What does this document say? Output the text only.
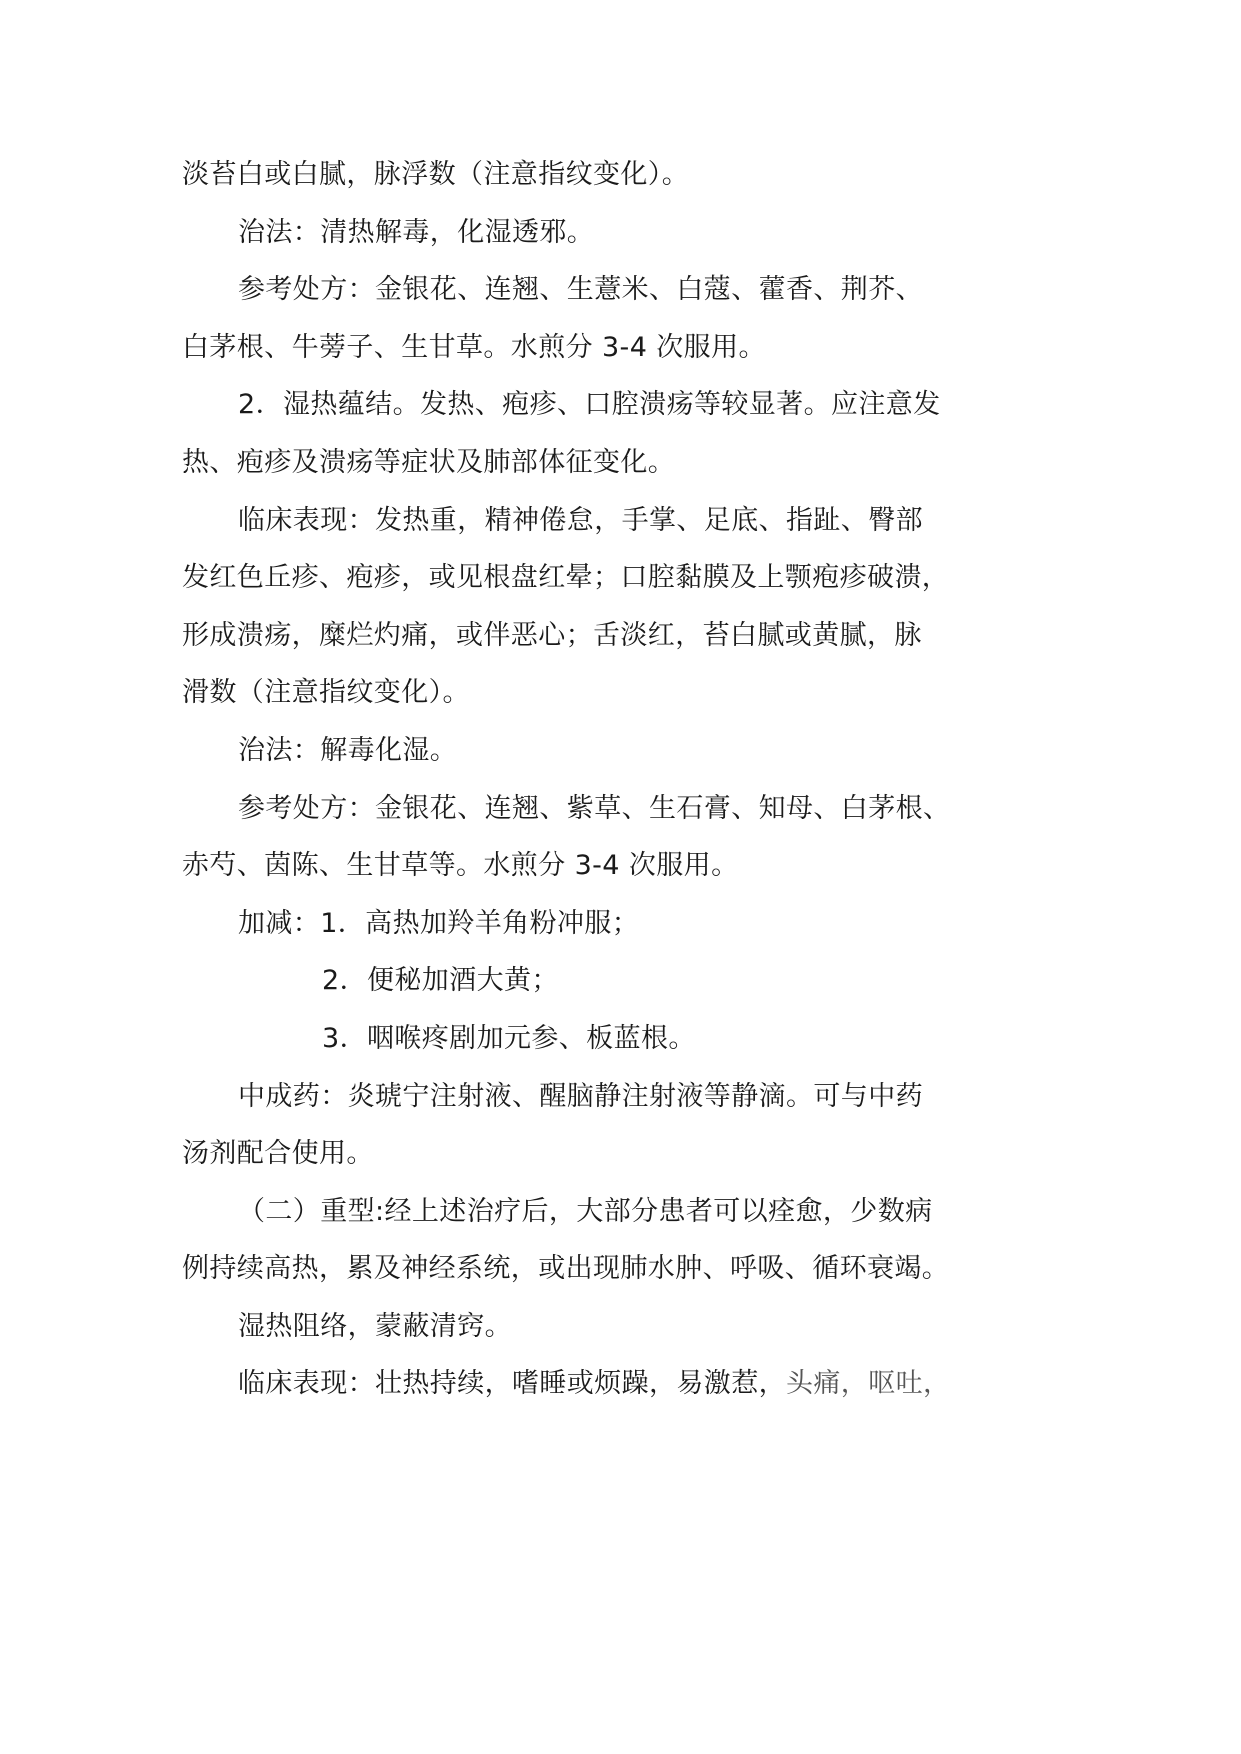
淡苔白或白腻，脉浮数（注意指纹变化）。
治法：清热解毒，化湿透邪。
参考处方：金银花、连翘、生薏米、白蔻、藿香、荆芥、
白茅根、牛蒡子、生甘草。水煎分 3-4 次服用。
2．湿热蕴结。发热、疱疹、口腔溃疡等较显著。应注意发
热、疱疹及溃疡等症状及肺部体征变化。
临床表现：发热重，精神倦怠，手掌、足底、指趾、臀部
发红色丘疹、疱疹，或见根盘红晕；口腔黏膜及上颚疱疹破溃，
形成溃疡，糜烂灼痛，或伴恶心；舌淡红，苔白腻或黄腻，脉
滑数（注意指纹变化）。
治法：解毒化湿。
参考处方：金银花、连翘、紫草、生石膏、知母、白茅根、
赤芍、茵陈、生甘草等。水煎分 3-4 次服用。
加减：1．高热加羚羊角粉冲服；
2．便秘加酒大黄；
3．咽喉疼剧加元参、板蓝根。
中成药：炎琥宁注射液、醒脑静注射液等静滴。可与中药
汤剂配合使用。
（二）重型:经上述治疗后，大部分患者可以痊愈，少数病
例持续高热，累及神经系统，或出现肺水肿、呼吸、循环衰竭。
湿热阻络，蒙蔽清窍。
临床表现：壮热持续，嗜睡或烦躁，易激惹，头痛，呕吐，
